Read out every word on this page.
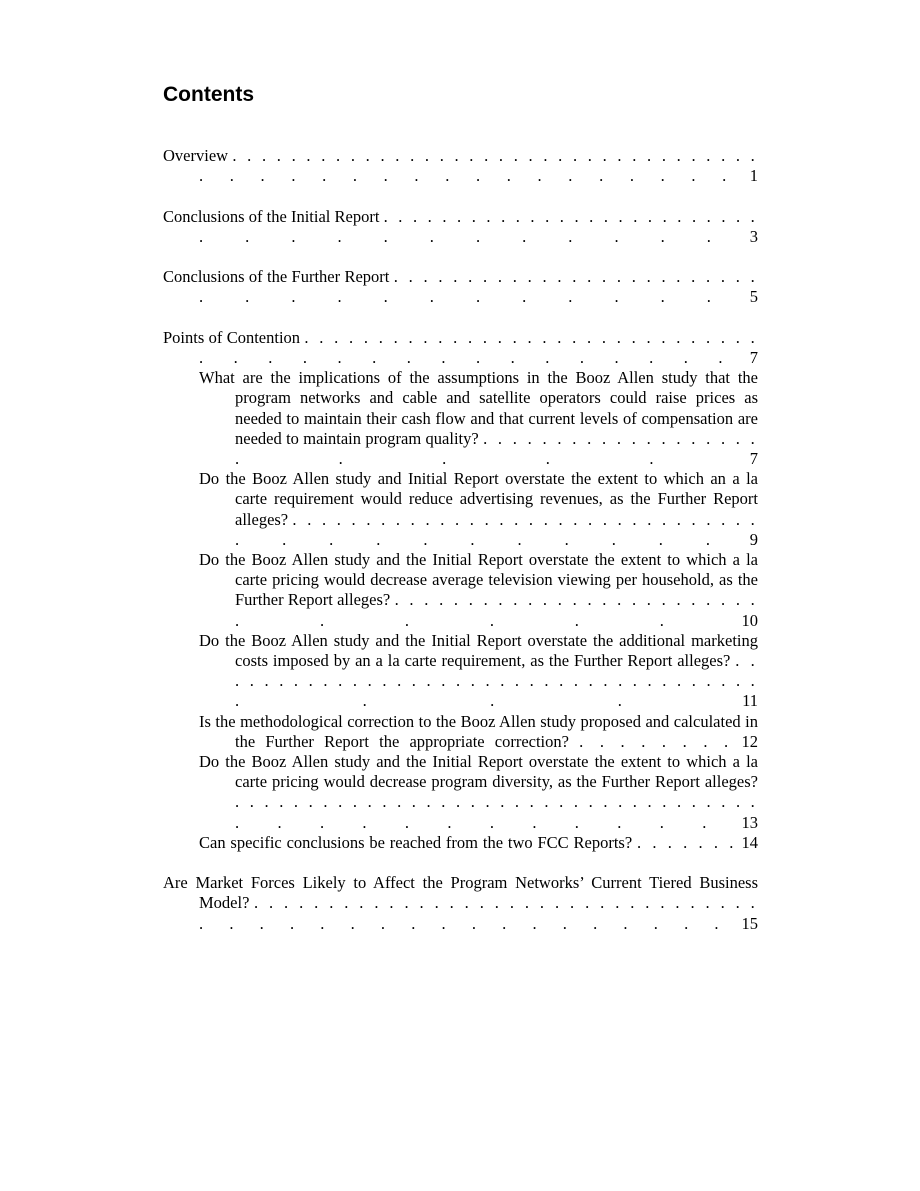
Contents
Overview . . . . . . . . . . . . . . . . . . . . . . . . . . . . . . . . . . . . . . . . . . . . . . . . . . . . . . 1
Conclusions of the Initial Report . . . . . . . . . . . . . . . . . . . . . . . . . . . . . . . . . . . . . . 3
Conclusions of the Further Report . . . . . . . . . . . . . . . . . . . . . . . . . . . . . . . . . . . . . 5
Points of Contention . . . . . . . . . . . . . . . . . . . . . . . . . . . . . . . . . . . . . . . . . . . . . . . 7
What are the implications of the assumptions in the Booz Allen study that the program networks and cable and satellite operators could raise prices as needed to maintain their cash flow and that current levels of compensation are needed to maintain program quality? . . . . . . . . . . . . . . . . . . . . . . . .	7
Do the Booz Allen study and Initial Report overstate the extent to which an a la carte requirement would reduce advertising revenues, as the Further Report alleges? . . . . . . . . . . . . . . . . . . . . . . . . . . . . . . . . . . . . . . . . . . . 9
Do the Booz Allen study and the Initial Report overstate the extent to which a la carte pricing would decrease average television viewing per household, as the Further Report alleges? . . . . . . . . . . . . . . . . . . . . . . . . . . . . . . .	10
Do the Booz Allen study and the Initial Report overstate the additional marketing costs imposed by an a la carte requirement, as the Further Report alleges? . . . . . . . . . . . . . . . . . . . . . . . . . . . . . . . . . . . . . . . . . .	11
Is the methodological correction to the Booz Allen study proposed and calculated in the Further Report the appropriate correction? . . . . . . . . 12
Do the Booz Allen study and the Initial Report overstate the extent to which a la carte pricing would decrease program diversity, as the Further Report alleges? . . . . . . . . . . . . . . . . . . . . . . . . . . . . . . . . . . . . . . . . . . . . . . . . 13
Can specific conclusions be reached from the two FCC Reports? . . . . . . . 14
Are Market Forces Likely to Affect the Program Networks’ Current Tiered Business Model? . . . . . . . . . . . . . . . . . . . . . . . . . . . . . . . . . . . . . . . . . . . . . . . . . . . . 15
